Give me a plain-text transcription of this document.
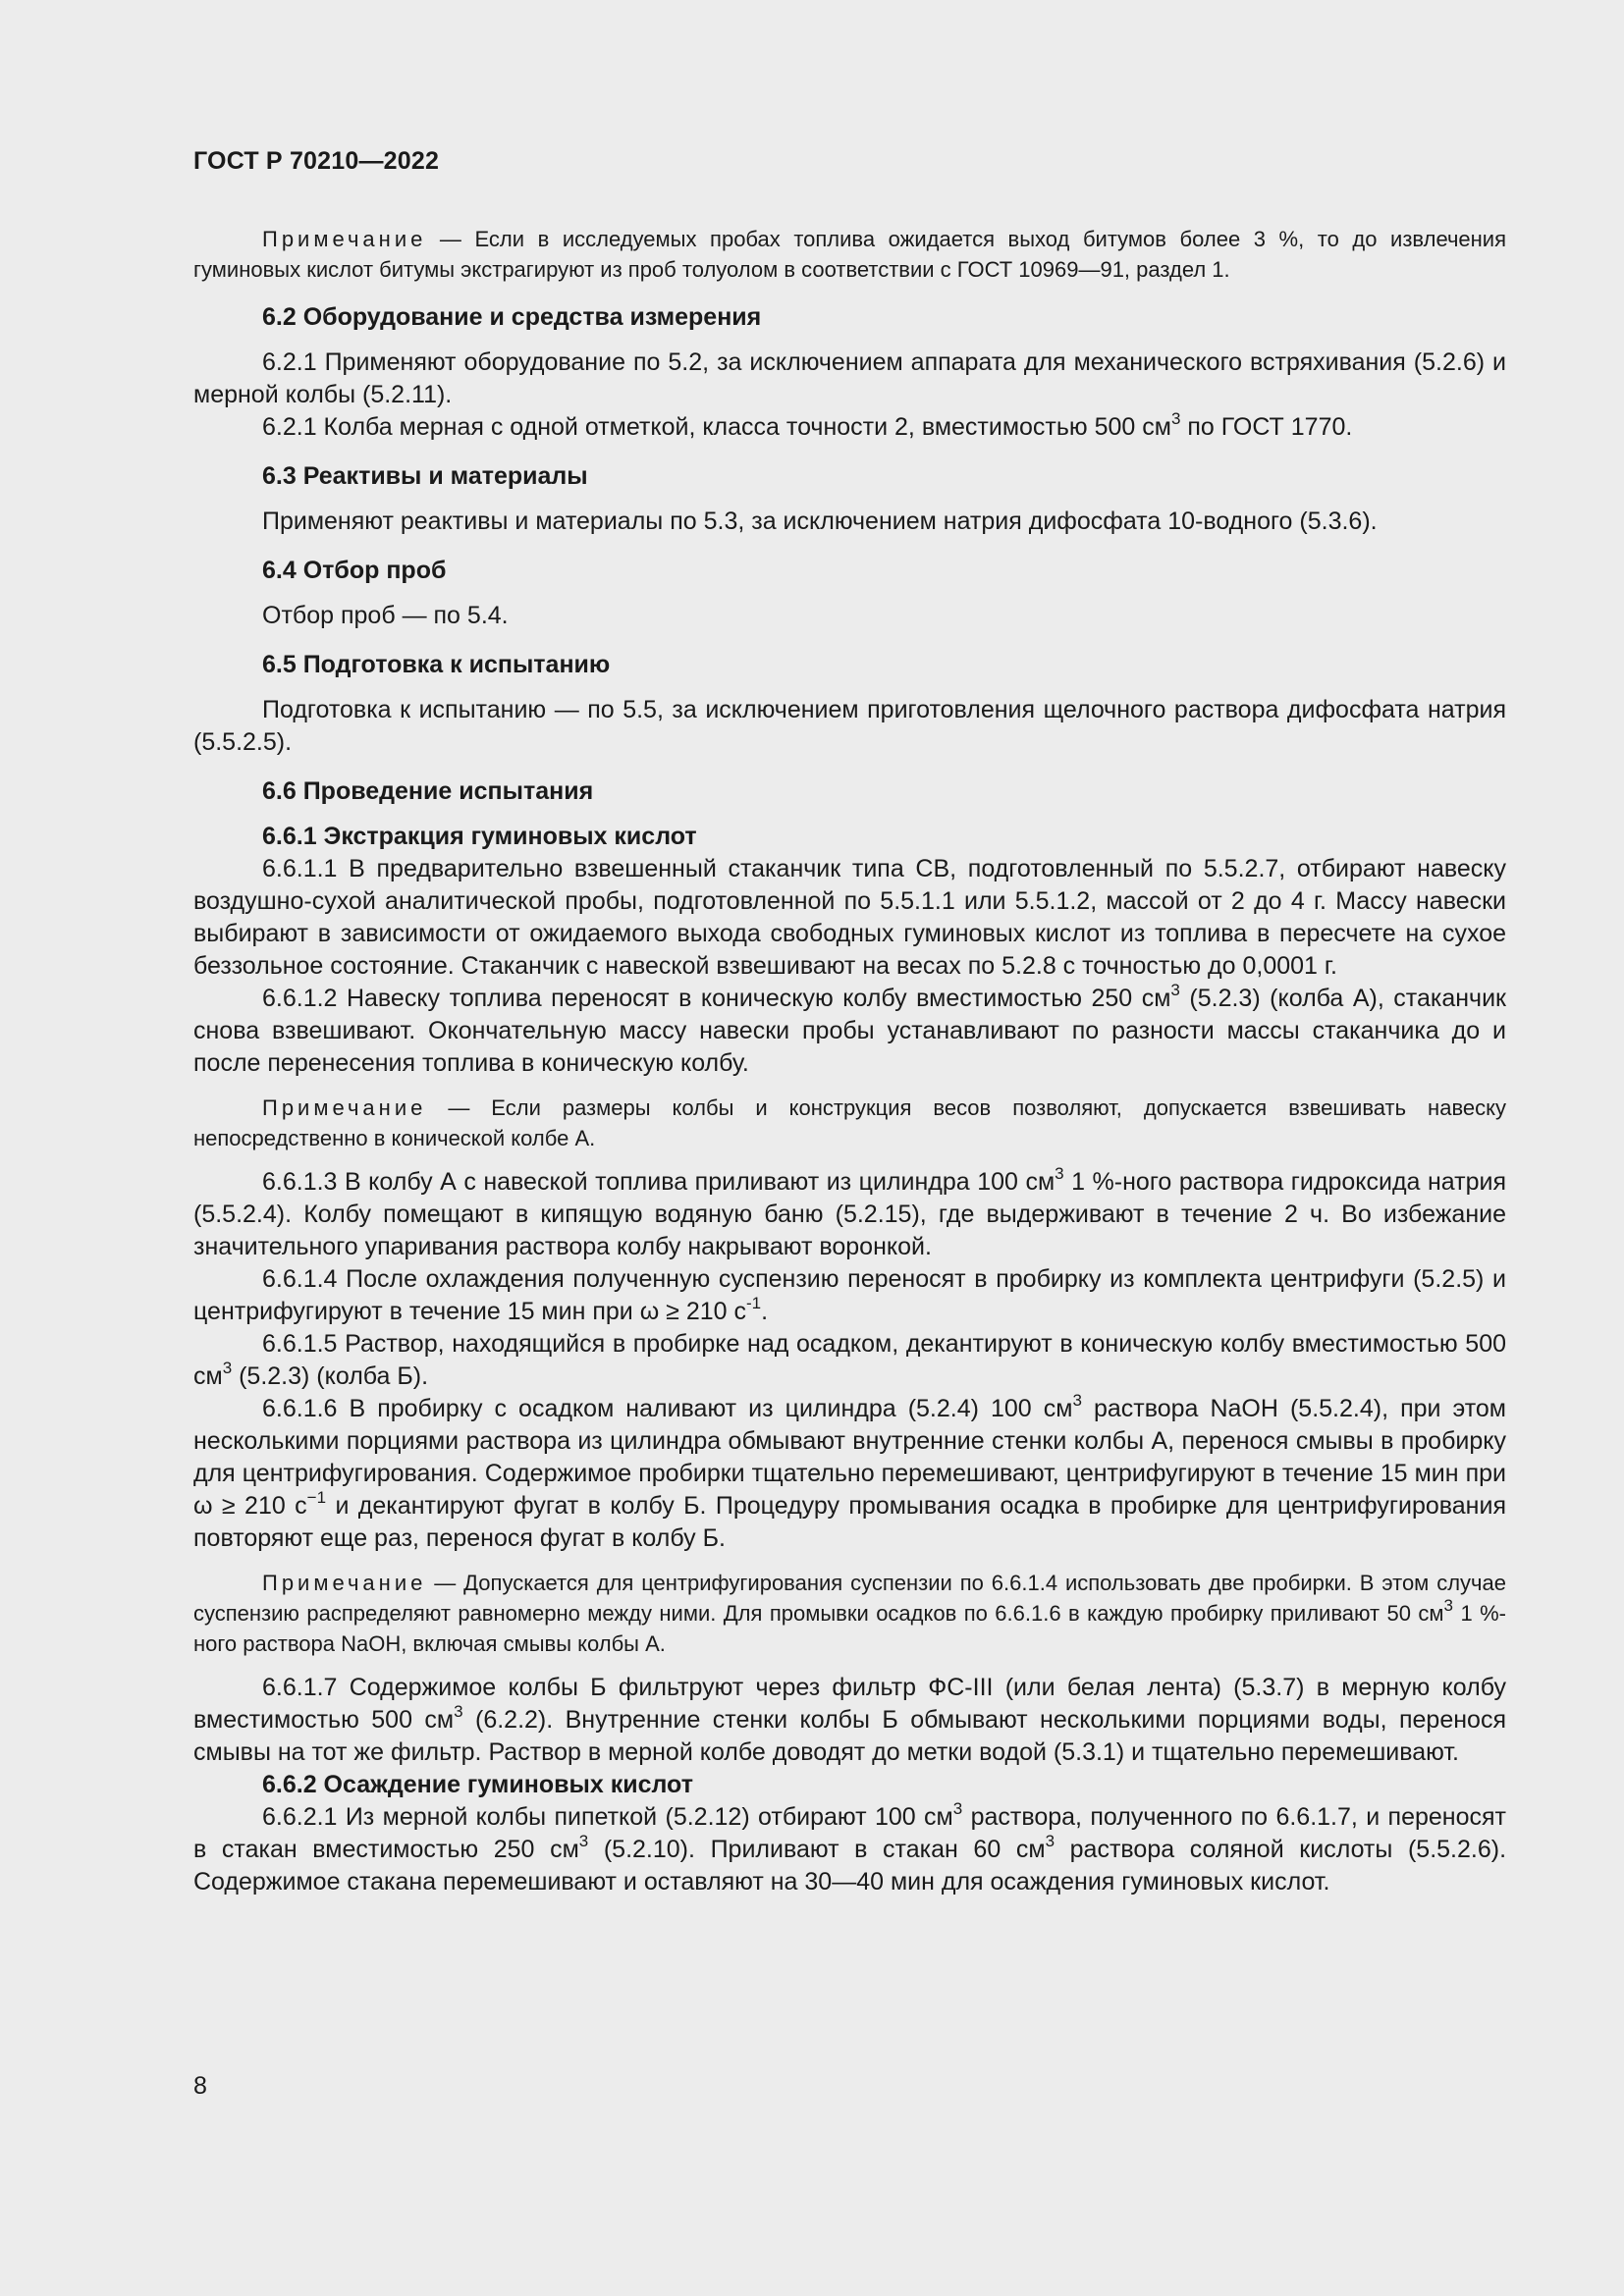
ГОСТ Р 70210—2022

Примечание — Если в исследуемых пробах топлива ожидается выход битумов более 3 %, то до извлечения гуминовых кислот битумы экстрагируют из проб толуолом в соответствии с ГОСТ 10969—91, раздел 1.

6.2 Оборудование и средства измерения

6.2.1 Применяют оборудование по 5.2, за исключением аппарата для механического встряхивания (5.2.6) и мерной колбы (5.2.11).

6.2.1 Колба мерная с одной отметкой, класса точности 2, вместимостью 500 $см^3$ по ГОСТ 1770.

6.3 Реактивы и материалы

Применяют реактивы и материалы по 5.3, за исключением натрия дифосфата 10-водного (5.3.6).

6.4 Отбор проб

Отбор проб — по 5.4.

6.5 Подготовка к испытанию

Подготовка к испытанию — по 5.5, за исключением приготовления щелочного раствора дифосфата натрия (5.5.2.5).

6.6 Проведение испытания

6.6.1 Экстракция гуминовых кислот

6.6.1.1 В предварительно взвешенный стаканчик типа СВ, подготовленный по 5.5.2.7, отбирают навеску воздушно-сухой аналитической пробы, подготовленной по 5.5.1.1 или 5.5.1.2, массой от 2 до 4 г. Массу навески выбирают в зависимости от ожидаемого выхода свободных гуминовых кислот из топлива в пересчете на сухое беззольное состояние. Стаканчик с навеской взвешивают на весах по 5.2.8 с точностью до 0,0001 г.

6.6.1.2 Навеску топлива переносят в коническую колбу вместимостью 250 $см^3$ (5.2.3) (колба А), стаканчик снова взвешивают. Окончательную массу навески пробы устанавливают по разности массы стаканчика до и после перенесения топлива в коническую колбу.

Примечание — Если размеры колбы и конструкция весов позволяют, допускается взвешивать навеску непосредственно в конической колбе А.

6.6.1.3 В колбу А с навеской топлива приливают из цилиндра 100 $см^3$ 1 %-ного раствора гидроксида натрия (5.5.2.4). Колбу помещают в кипящую водяную баню (5.2.15), где выдерживают в течение 2 ч. Во избежание значительного упаривания раствора колбу накрывают воронкой.

6.6.1.4 После охлаждения полученную суспензию переносят в пробирку из комплекта центрифуги (5.2.5) и центрифугируют в течение 15 мин при ω ≥ 210 $с^{-1}$.

6.6.1.5 Раствор, находящийся в пробирке над осадком, декантируют в коническую колбу вместимостью 500 $см^3$ (5.2.3) (колба Б).

6.6.1.6 В пробирку с осадком наливают из цилиндра (5.2.4) 100 $см^3$ раствора NaOH (5.5.2.4), при этом несколькими порциями раствора из цилиндра обмывают внутренние стенки колбы А, перенося смывы в пробирку для центрифугирования. Содержимое пробирки тщательно перемешивают, центрифугируют в течение 15 мин при ω ≥ 210 $с^{-1}$ и декантируют фугат в колбу Б. Процедуру промывания осадка в пробирке для центрифугирования повторяют еще раз, перенося фугат в колбу Б.

Примечание — Допускается для центрифугирования суспензии по 6.6.1.4 использовать две пробирки. В этом случае суспензию распределяют равномерно между ними. Для промывки осадков по 6.6.1.6 в каждую пробирку приливают 50 $см^3$ 1 %-ного раствора NaOH, включая смывы колбы А.

6.6.1.7 Содержимое колбы Б фильтруют через фильтр ФС-III (или белая лента) (5.3.7) в мерную колбу вместимостью 500 $см^3$ (6.2.2). Внутренние стенки колбы Б обмывают несколькими порциями воды, перенося смывы на тот же фильтр. Раствор в мерной колбе доводят до метки водой (5.3.1) и тщательно перемешивают.

6.6.2 Осаждение гуминовых кислот

6.6.2.1 Из мерной колбы пипеткой (5.2.12) отбирают 100 $см^3$ раствора, полученного по 6.6.1.7, и переносят в стакан вместимостью 250 $см^3$ (5.2.10). Приливают в стакан 60 $см^3$ раствора соляной кислоты (5.5.2.6). Содержимое стакана перемешивают и оставляют на 30—40 мин для осаждения гуминовых кислот.

8
